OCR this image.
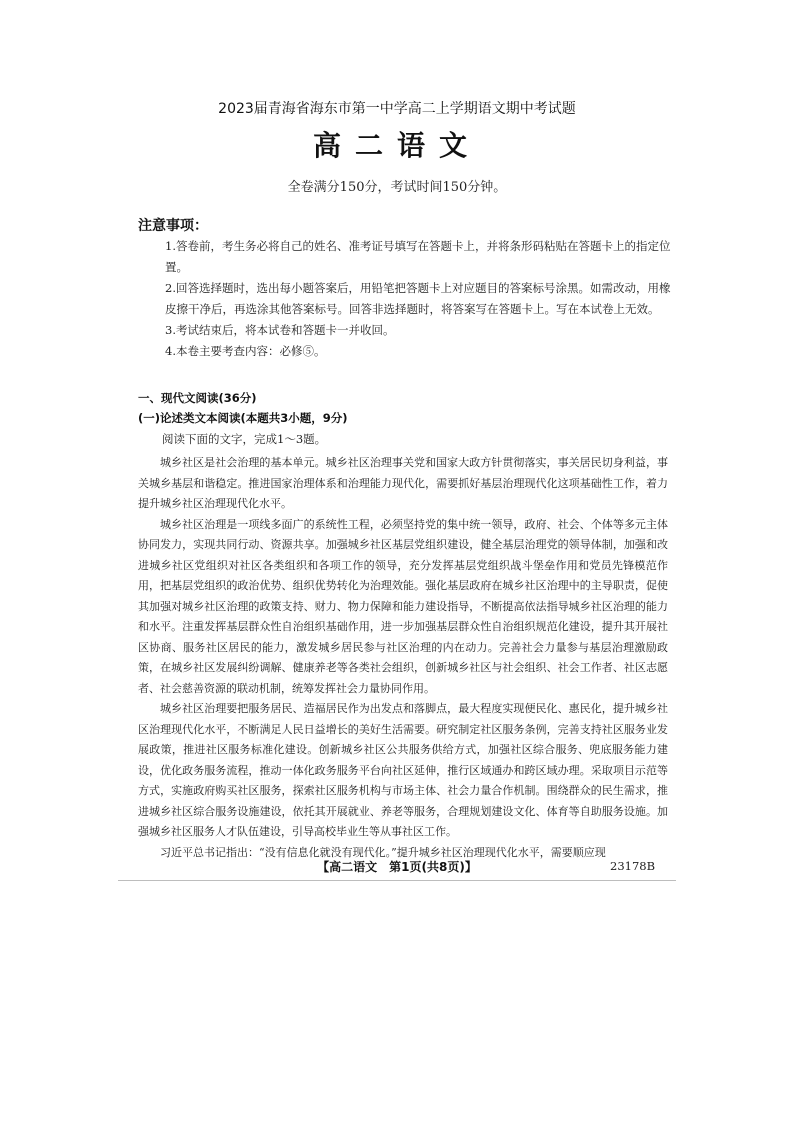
2023届青海省海东市第一中学高二上学期语文期中考试题
高二语文
全卷满分150分，考试时间150分钟。
注意事项：
1.答卷前，考生务必将自己的姓名、准考证号填写在答题卡上，并将条形码粘贴在答题卡上的指定位置。
2.回答选择题时，选出每小题答案后，用铅笔把答题卡上对应题目的答案标号涂黑。如需改动，用橡皮擦干净后，再选涂其他答案标号。回答非选择题时，将答案写在答题卡上。写在本试卷上无效。
3.考试结束后，将本试卷和答题卡一并收回。
4.本卷主要考查内容：必修⑤。
一、现代文阅读(36分)
(一)论述类文本阅读(本题共3小题，9分)
阅读下面的文字，完成1～3题。

城乡社区是社会治理的基本单元。城乡社区治理事关党和国家大政方针贯彻落实，事关居民切身利益，事关城乡基层和谐稳定。推进国家治理体系和治理能力现代化，需要抓好基层治理现代化这项基础性工作，着力提升城乡社区治理现代化水平。

城乡社区治理是一项线多面广的系统性工程，必须坚持党的集中统一领导，政府、社会、个体等多元主体协同发力，实现共同行动、资源共享。加强城乡社区基层党组织建设，健全基层治理党的领导体制，加强和改进城乡社区党组织对社区各类组织和各项工作的领导，充分发挥基层党组织战斗堡垒作用和党员先锋模范作用，把基层党组织的政治优势、组织优势转化为治理效能。强化基层政府在城乡社区治理中的主导职责，促使其加强对城乡社区治理的政策支持、财力、物力保障和能力建设指导，不断提高依法指导城乡社区治理的能力和水平。注重发挥基层群众性自治组织基础作用，进一步加强基层群众性自治组织规范化建设，提升其开展社区协商、服务社区居民的能力，激发城乡居民参与社区治理的内在动力。完善社会力量参与基层治理激励政策，在城乡社区发展纠纷调解、健康养老等各类社会组织，创新城乡社区与社会组织、社会工作者、社区志愿者、社会慈善资源的联动机制，统筹发挥社会力量协同作用。

城乡社区治理要把服务居民、造福居民作为出发点和落脚点，最大程度实现便民化、惠民化，提升城乡社区治理现代化水平，不断满足人民日益增长的美好生活需要。研究制定社区服务条例，完善支持社区服务业发展政策，推进社区服务标准化建设。创新城乡社区公共服务供给方式，加强社区综合服务、兜底服务能力建设，优化政务服务流程，推动一体化政务服务平台向社区延伸，推行区域通办和跨区域办理。采取项目示范等方式，实施政府购买社区服务，探索社区服务机构与市场主体、社会力量合作机制。围绕群众的民生需求，推进城乡社区综合服务设施建设，依托其开展就业、养老等服务，合理规划建设文化、体育等自助服务设施。加强城乡社区服务人才队伍建设，引导高校毕业生等从事社区工作。

习近平总书记指出：“没有信息化就没有现代化。”提升城乡社区治理现代化水平，需要顺应现

【高二语文　第1页(共8页)】	23178B
